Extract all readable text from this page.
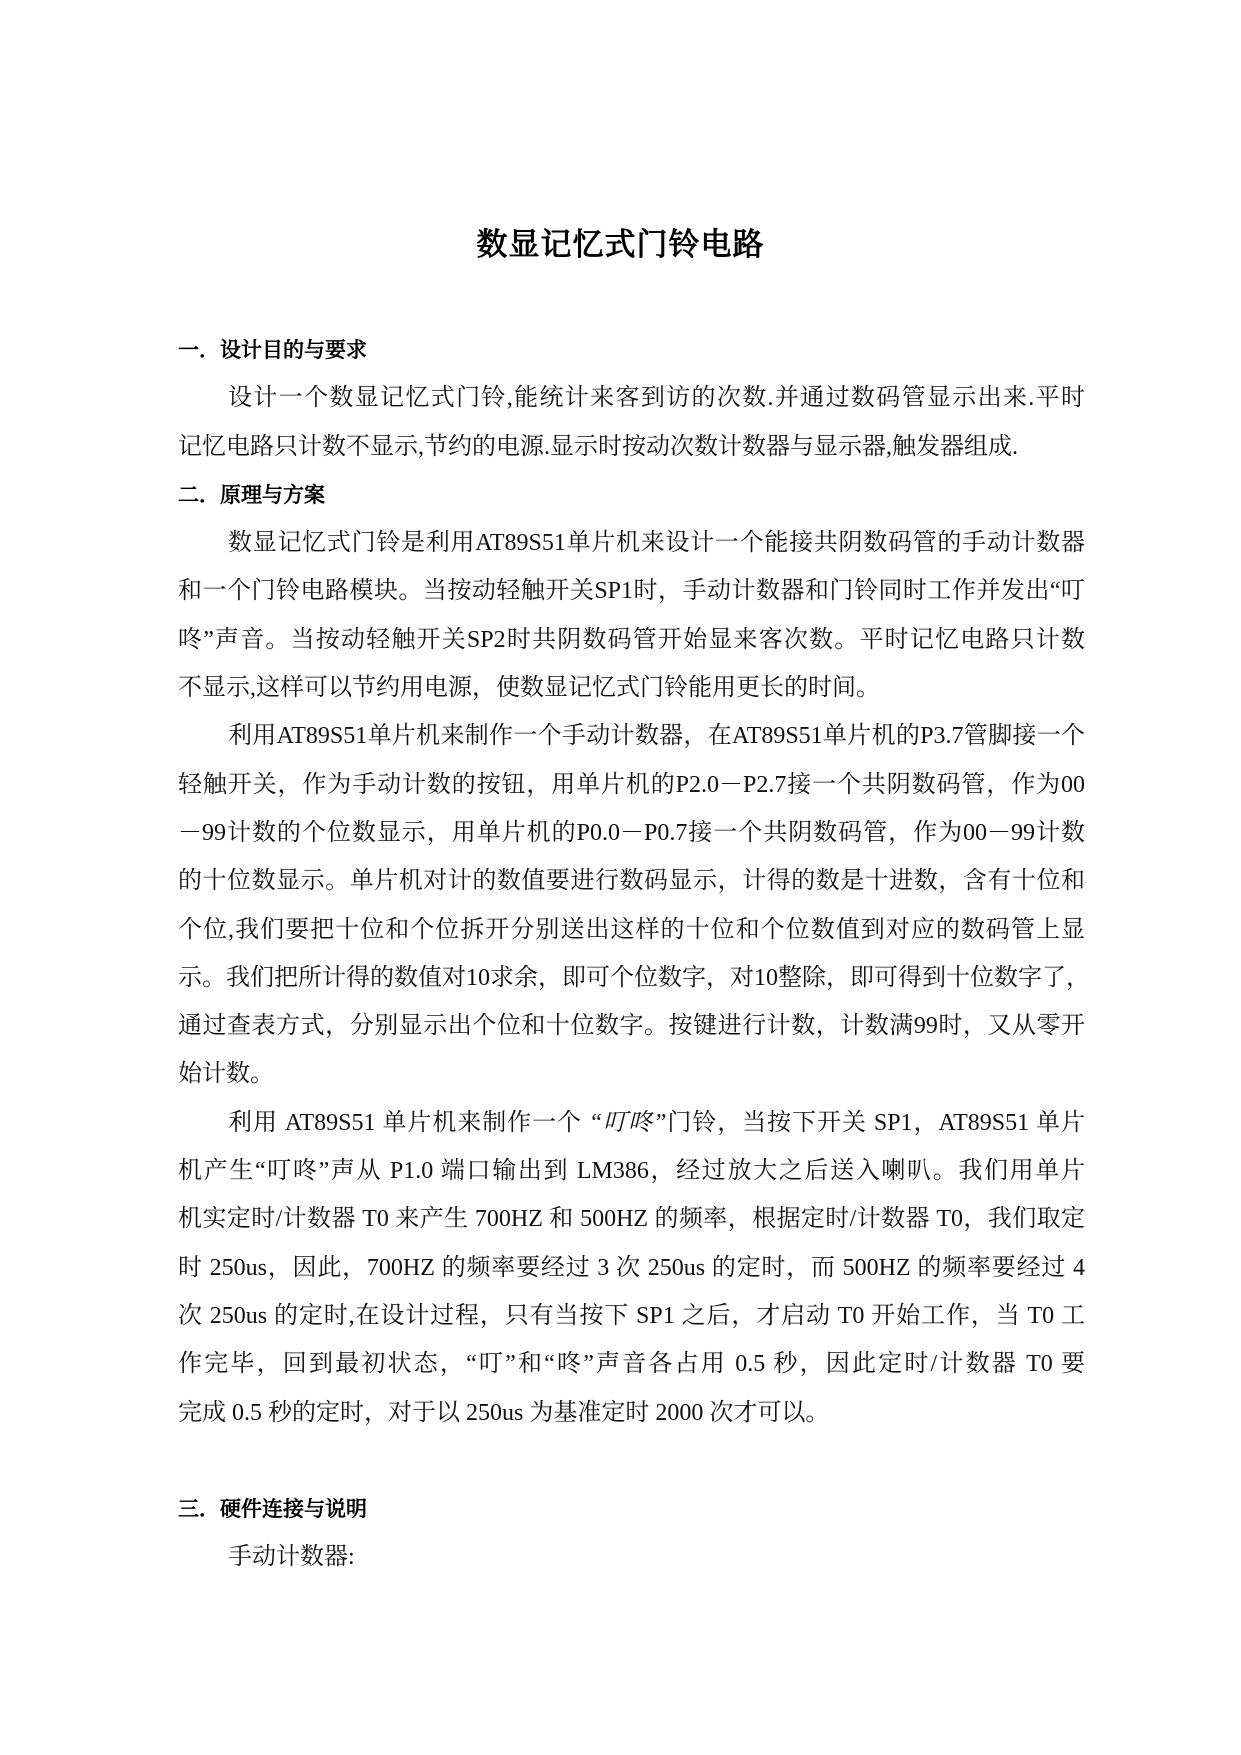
数显记忆式门铃电路
一．设计目的与要求
设计一个数显记忆式门铃,能统计来客到访的次数.并通过数码管显示出来.平时
记忆电路只计数不显示,节约的电源.显示时按动次数计数器与显示器,触发器组成.
二．原理与方案
数显记忆式门铃是利用AT89S51单片机来设计一个能接共阴数码管的手动计数器
和一个门铃电路模块。当按动轻触开关SP1时，手动计数器和门铃同时工作并发出“叮
咚”声音。当按动轻触开关SP2时共阴数码管开始显来客次数。平时记忆电路只计数
不显示,这样可以节约用电源，使数显记忆式门铃能用更长的时间。
利用AT89S51单片机来制作一个手动计数器，在AT89S51单片机的P3.7管脚接一个
轻触开关，作为手动计数的按钮，用单片机的P2.0－P2.7接一个共阴数码管，作为00
－99计数的个位数显示，用单片机的P0.0－P0.7接一个共阴数码管，作为00－99计数
的十位数显示。单片机对计的数值要进行数码显示，计得的数是十进数，含有十位和
个位,我们要把十位和个位拆开分别送出这样的十位和个位数值到对应的数码管上显
示。我们把所计得的数值对10求余，即可个位数字，对10整除，即可得到十位数字了，
通过查表方式，分别显示出个位和十位数字。按键进行计数，计数满99时，又从零开
始计数。
利用 AT89S51 单片机来制作一个 “叮咚”门铃，当按下开关 SP1，AT89S51 单片
机产生“叮咚”声从 P1.0 端口输出到 LM386，经过放大之后送入喇叭。我们用单片
机实定时/计数器 T0 来产生 700HZ 和 500HZ 的频率，根据定时/计数器 T0，我们取定
时 250us，因此，700HZ 的频率要经过 3 次 250us 的定时，而 500HZ 的频率要经过 4
次 250us 的定时,在设计过程，只有当按下 SP1 之后，才启动 T0 开始工作，当 T0 工
作完毕，回到最初状态，“叮”和“咚”声音各占用 0.5 秒，因此定时/计数器 T0 要
完成 0.5 秒的定时，对于以 250us 为基准定时 2000 次才可以。
三．硬件连接与说明
手动计数器:
